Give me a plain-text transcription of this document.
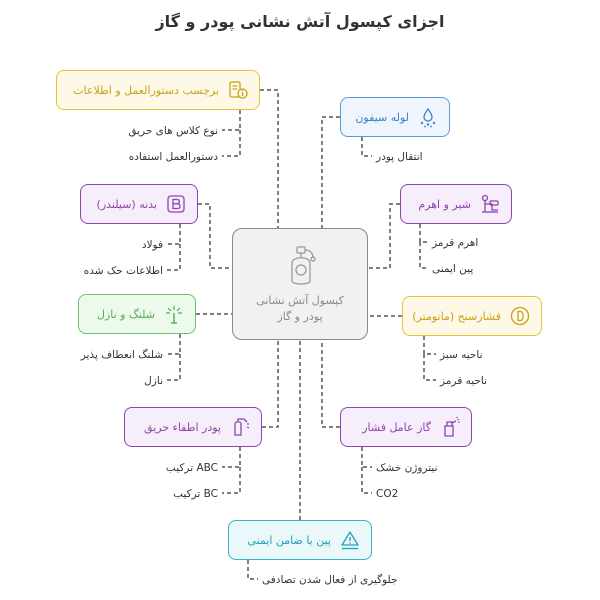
اجزای کپسول آتش نشانی پودر و گاز
کپسول آتش نشانی
پودر و گاز
برچسب دستورالعمل و اطلاعات
نوع کلاس های حریق
دستورالعمل استفاده
لوله سیفون
انتقال پودر
بدنه (سیلندر)
فولاد
اطلاعات حک شده
شیر و اهرم
اهرم قرمز
پین ایمنی
شلنگ و نازل
شلنگ انعطاف پذیر
نازل
فشارسنج (مانومتر)
ناحیه سبز
ناحیه قرمز
پودر اطفاء حریق
ABC ترکیب
BC ترکیب
گاز عامل فشار
نیتروژن خشک
CO2
پین یا ضامن ایمنی
جلوگیری از فعال شدن تصادفی
